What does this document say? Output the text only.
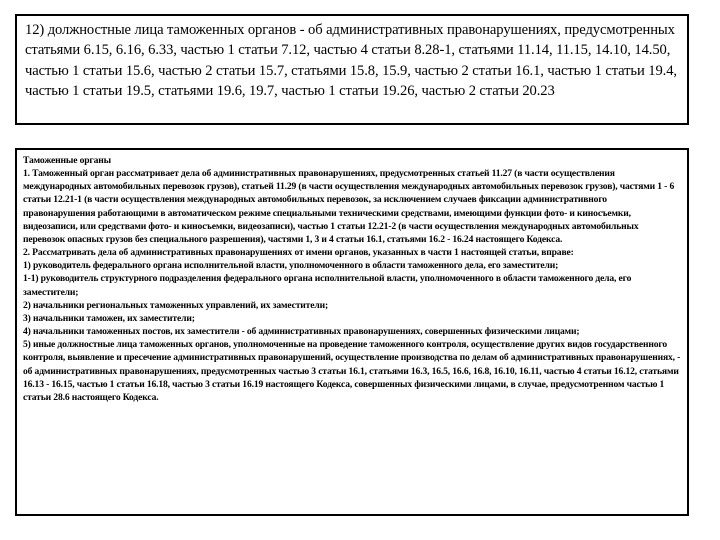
12) должностные лица таможенных органов - об административных правонарушениях, предусмотренных статьями 6.15, 6.16, 6.33, частью 1 статьи 7.12, частью 4 статьи 8.28-1, статьями 11.14, 11.15, 14.10, 14.50, частью 1 статьи 15.6, частью 2 статьи 15.7, статьями 15.8, 15.9, частью 2 статьи 16.1, частью 1 статьи 19.4, частью 1 статьи 19.5, статьями 19.6, 19.7, частью 1 статьи 19.26, частью 2 статьи 20.23

Таможенные органы

1. Таможенный орган рассматривает дела об административных правонарушениях, предусмотренных статьей 11.27 (в части осуществления международных автомобильных перевозок грузов), статьей 11.29 (в части осуществления международных автомобильных перевозок грузов), частями 1 - 6 статьи 12.21-1 (в части осуществления международных автомобильных перевозок, за исключением случаев фиксации административного правонарушения работающими в автоматическом режиме специальными техническими средствами, имеющими функции фото- и киносъемки, видеозаписи, или средствами фото- и киносъемки, видеозаписи), частью 1 статьи 12.21-2 (в части осуществления международных автомобильных перевозок опасных грузов без специального разрешения), частями 1, 3 и 4 статьи 16.1, статьями 16.2 - 16.24 настоящего Кодекса.

2. Рассматривать дела об административных правонарушениях от имени органов, указанных в части 1 настоящей статьи, вправе:

1) руководитель федерального органа исполнительной власти, уполномоченного в области таможенного дела, его заместители;

1-1) руководитель структурного подразделения федерального органа исполнительной власти, уполномоченного в области таможенного дела, его заместители;

2) начальники региональных таможенных управлений, их заместители;

3) начальники таможен, их заместители;

4) начальники таможенных постов, их заместители - об административных правонарушениях, совершенных физическими лицами;

5) иные должностные лица таможенных органов, уполномоченные на проведение таможенного контроля, осуществление других видов государственного контроля, выявление и пресечение административных правонарушений, осуществление производства по делам об административных правонарушениях, - об административных правонарушениях, предусмотренных частью 3 статьи 16.1, статьями 16.3, 16.5, 16.6, 16.8, 16.10, 16.11, частью 4 статьи 16.12, статьями 16.13 - 16.15, частью 1 статьи 16.18, частью 3 статьи 16.19 настоящего Кодекса, совершенных физическими лицами, в случае, предусмотренном частью 1 статьи 28.6 настоящего Кодекса.
